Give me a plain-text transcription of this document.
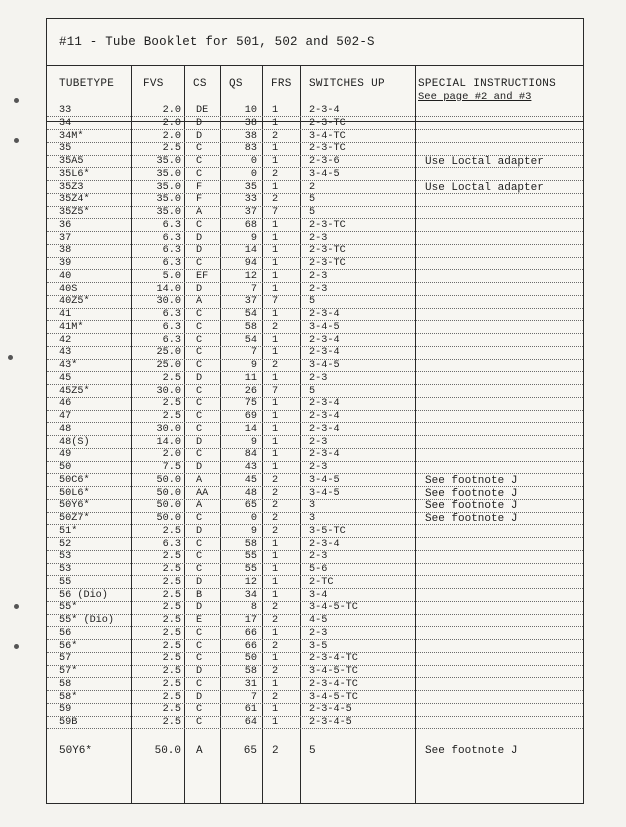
#11 - Tube Booklet for 501, 502 and 502-S
TUBETYPE	FVS	CS QS	FRS SWITCHES UP	SPECIAL INSTRUCTIONS
See page #2 and #3
33	2.0 DE	10 1	2-3-4
34	2.0 D	38 1	2-3-TC
34M*	2.0 D	38 2	3-4-TC
35	2.5 C	83 1	2-3-TC
35A5	35.0 C	0 1	2-3-6	Use Loctal adapter
35L6*	35.0 C	0 2	3-4-5
35Z3	35.0 F	35 1	2	Use Loctal adapter
35Z4*	35.0 F	33 2	5
35Z5*	35.0 A	37 7	5
36	6.3 C	68 1	2-3-TC
37	6.3 D	9 1	2-3
38	6.3 D	14 1	2-3-TC
39	6.3 C	94 1	2-3-TC
40	5.0 EF	12 1	2-3
40S	14.0 D	7 1	2-3
40Z5*	30.0 A	37 7	5
41	6.3 C	54 1	2-3-4
41M*	6.3 C	58 2	3-4-5
42	6.3 C	54 1	2-3-4
43	25.0 C	7 1	2-3-4
43*	25.0 C	9 2	3-4-5
45	2.5 D	11 1	2-3
45Z5*	30.0 C	26 7	5
46	2.5 C	75 1	2-3-4
47	2.5 C	69 1	2-3-4
48	30.0 C	14 1	2-3-4
48(S)	14.0 D	9 1	2-3
49	2.0 C	84 1	2-3-4
50	7.5 D	43 1	2-3
50C6*	50.0 A	45 2	3-4-5	See footnote J
50L6*	50.0 AA	48 2	3-4-5	See footnote J
50Y6*	50.0 A	65 2	3	See footnote J
50Z7*	50.0 C	0 2	3	See footnote J
51*	2.5 D	9 2	3-5-TC
52	6.3 C	58 1	2-3-4
53	2.5 C	55 1	2-3
53	2.5 C	55 1	5-6
55	2.5 D	12 1	2-TC
56 (Dio)	2.5 B	34 1	3-4
55*	2.5 D	8 2	3-4-5-TC
55* (Dio)	2.5 E	17 2	4-5
56	2.5 C	66 1	2-3
56*	2.5 C	66 2	3-5
57	2.5 C	50 1	2-3-4-TC
57*	2.5 D	58 2	3-4-5-TC
58	2.5 C	31 1	2-3-4-TC
58*	2.5 D	7 2	3-4-5-TC
59	2.5 C	61 1	2-3-4-5
59B	2.5 C	64 1	2-3-4-5
50Y6*	50.0 A	65 2	5	See footnote J
